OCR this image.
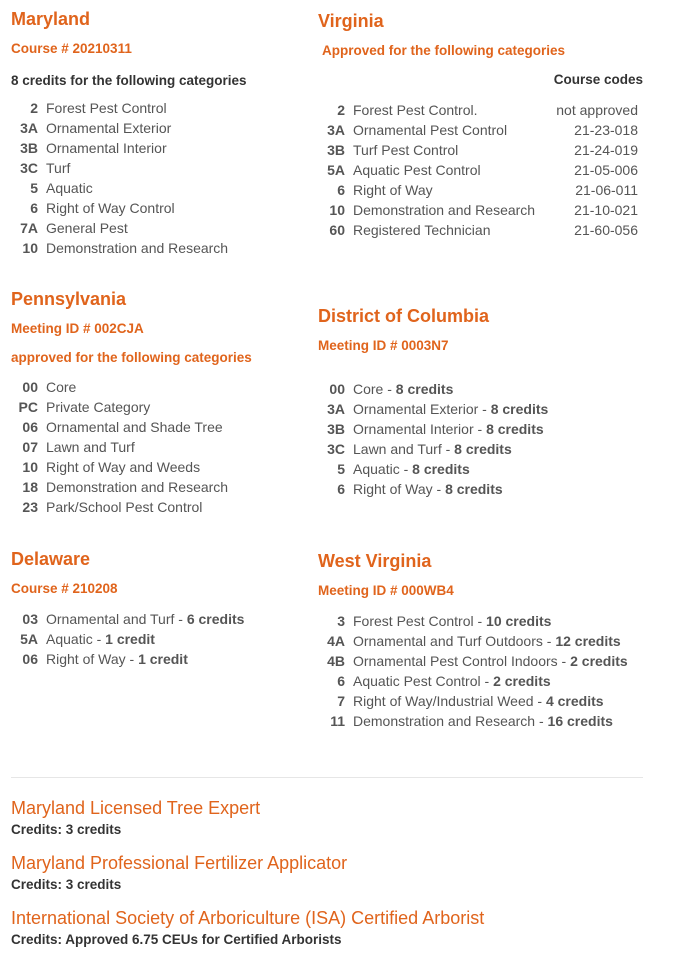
Maryland
Course # 20210311
8 credits for the following categories
2 Forest Pest Control
3A Ornamental Exterior
3B Ornamental Interior
3C Turf
5 Aquatic
6 Right of Way Control
7A General Pest
10 Demonstration and Research
Virginia
Approved for the following categories
Course codes
2 Forest Pest Control.	not approved
3A Ornamental Pest Control	21-23-018
3B Turf Pest Control	21-24-019
5A Aquatic Pest Control	21-05-006
6 Right of Way	21-06-011
10 Demonstration and Research	21-10-021
60 Registered Technician	21-60-056
Pennsylvania
Meeting ID # 002CJA
approved for the following categories
00 Core
PC Private Category
06 Ornamental and Shade Tree
07 Lawn and Turf
10 Right of Way and Weeds
18 Demonstration and Research
23 Park/School Pest Control
District of Columbia
Meeting ID # 0003N7
00 Core - 8 credits
3A Ornamental Exterior - 8 credits
3B Ornamental Interior - 8 credits
3C Lawn and Turf - 8 credits
5 Aquatic - 8 credits
6 Right of Way - 8 credits
Delaware
Course # 210208
03 Ornamental and Turf - 6 credits
5A Aquatic - 1 credit
06 Right of Way - 1 credit
West Virginia
Meeting ID # 000WB4
3 Forest Pest Control - 10 credits
4A Ornamental and Turf Outdoors - 12 credits
4B Ornamental Pest Control Indoors - 2 credits
6 Aquatic Pest Control - 2 credits
7 Right of Way/Industrial Weed - 4 credits
11 Demonstration and Research - 16 credits
Maryland Licensed Tree Expert
Credits: 3 credits
Maryland Professional Fertilizer Applicator
Credits: 3 credits
International Society of Arboriculture (ISA) Certified Arborist
Credits: Approved 6.75 CEUs for Certified Arborists
